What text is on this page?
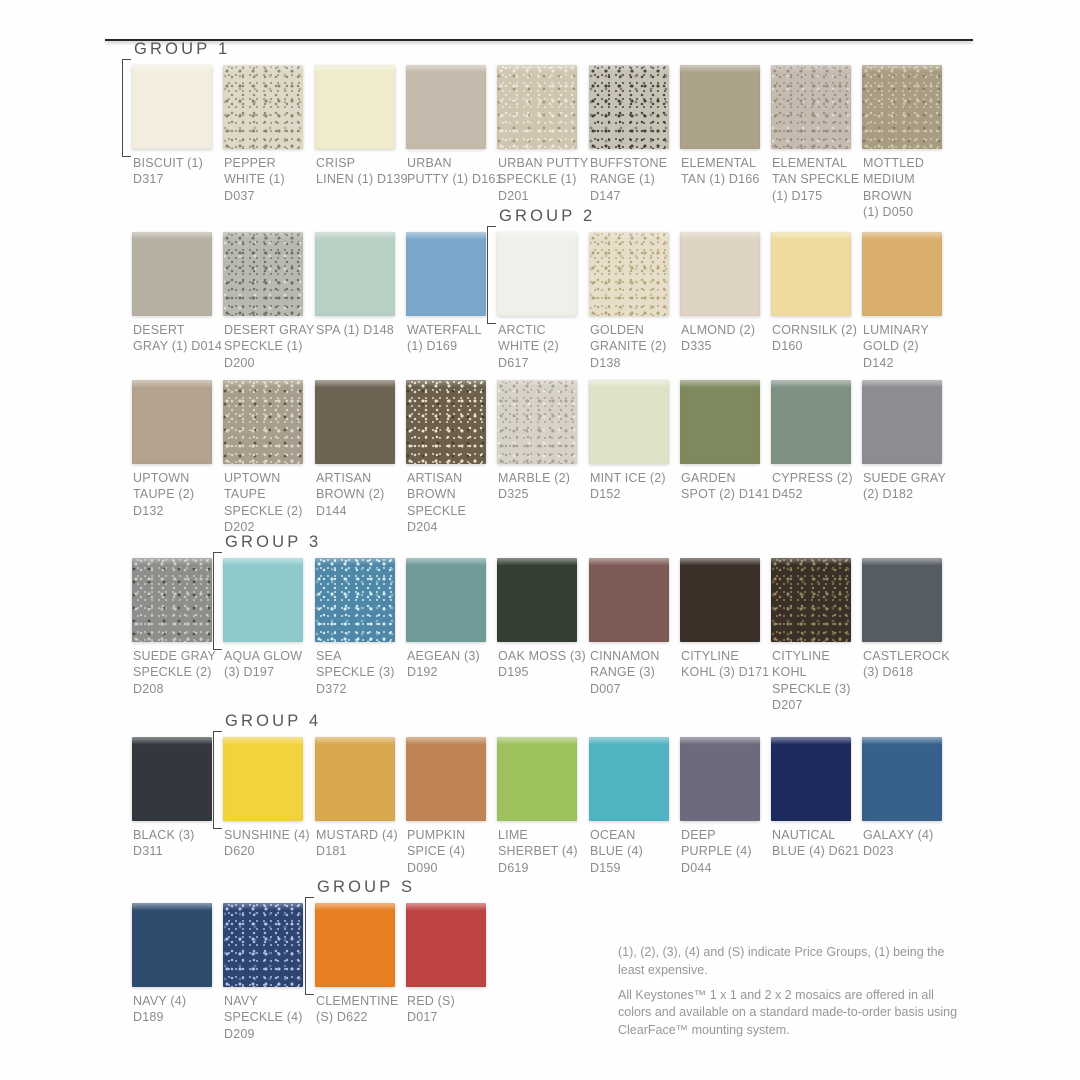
BISCUIT (1)
D317
PEPPER
WHITE (1)
D037
CRISP
LINEN (1) D139
URBAN
PUTTY (1) D161
URBAN PUTTY
SPECKLE (1)
D201
BUFFSTONE
RANGE (1)
D147
ELEMENTAL
TAN (1) D166
ELEMENTAL
TAN SPECKLE
(1) D175
MOTTLED
MEDIUM BROWN
(1) D050
DESERT
GRAY (1) D014
DESERT GRAY
SPECKLE (1)
D200
SPA (1) D148	WATERFALL
(1) D169
ARCTIC
WHITE (2)
D617
GOLDEN
GRANITE (2)
D138
ALMOND (2)
D335
CORNSILK (2)
D160
LUMINARY
GOLD (2)
D142
UPTOWN
TAUPE (2)
D132
UPTOWN
TAUPE
SPECKLE (2)
D202
ARTISAN
BROWN (2)
D144
ARTISAN
BROWN
SPECKLE
D204
MARBLE (2)
D325
MINT ICE (2)
D152
GARDEN
SPOT (2) D141
CYPRESS (2)
D452
SUEDE GRAY
(2) D182
SUEDE GRAY
SPECKLE (2)
D208
AQUA GLOW
(3) D197
SEA
SPECKLE (3)
D372
AEGEAN (3)
D192
OAK MOSS (3)
D195
CINNAMON
RANGE (3)
D007
CITYLINE
KOHL (3) D171
CITYLINE
KOHL
SPECKLE (3)
D207
CASTLEROCK
(3) D618
BLACK (3)
D311
SUNSHINE (4)
D620
MUSTARD (4)
D181
PUMPKIN
SPICE (4)
D090
LIME
SHERBET (4)
D619
OCEAN
BLUE (4)
D159
DEEP
PURPLE (4)
D044
NAUTICAL
BLUE (4) D621
GALAXY (4)
D023
NAVY (4)
D189
NAVY
SPECKLE (4)
D209
CLEMENTINE
(S) D622
RED (S)
D017
GROUP 1
GROUP 2
GROUP 3
GROUP 4
GROUP S

(1), (2), (3), (4) and (S) indicate Price Groups, (1) being the least expensive.

All Keystones™ 1 x 1 and 2 x 2 mosaics are offered in all colors and available on a standard made-to-order basis using ClearFace™ mounting system.
